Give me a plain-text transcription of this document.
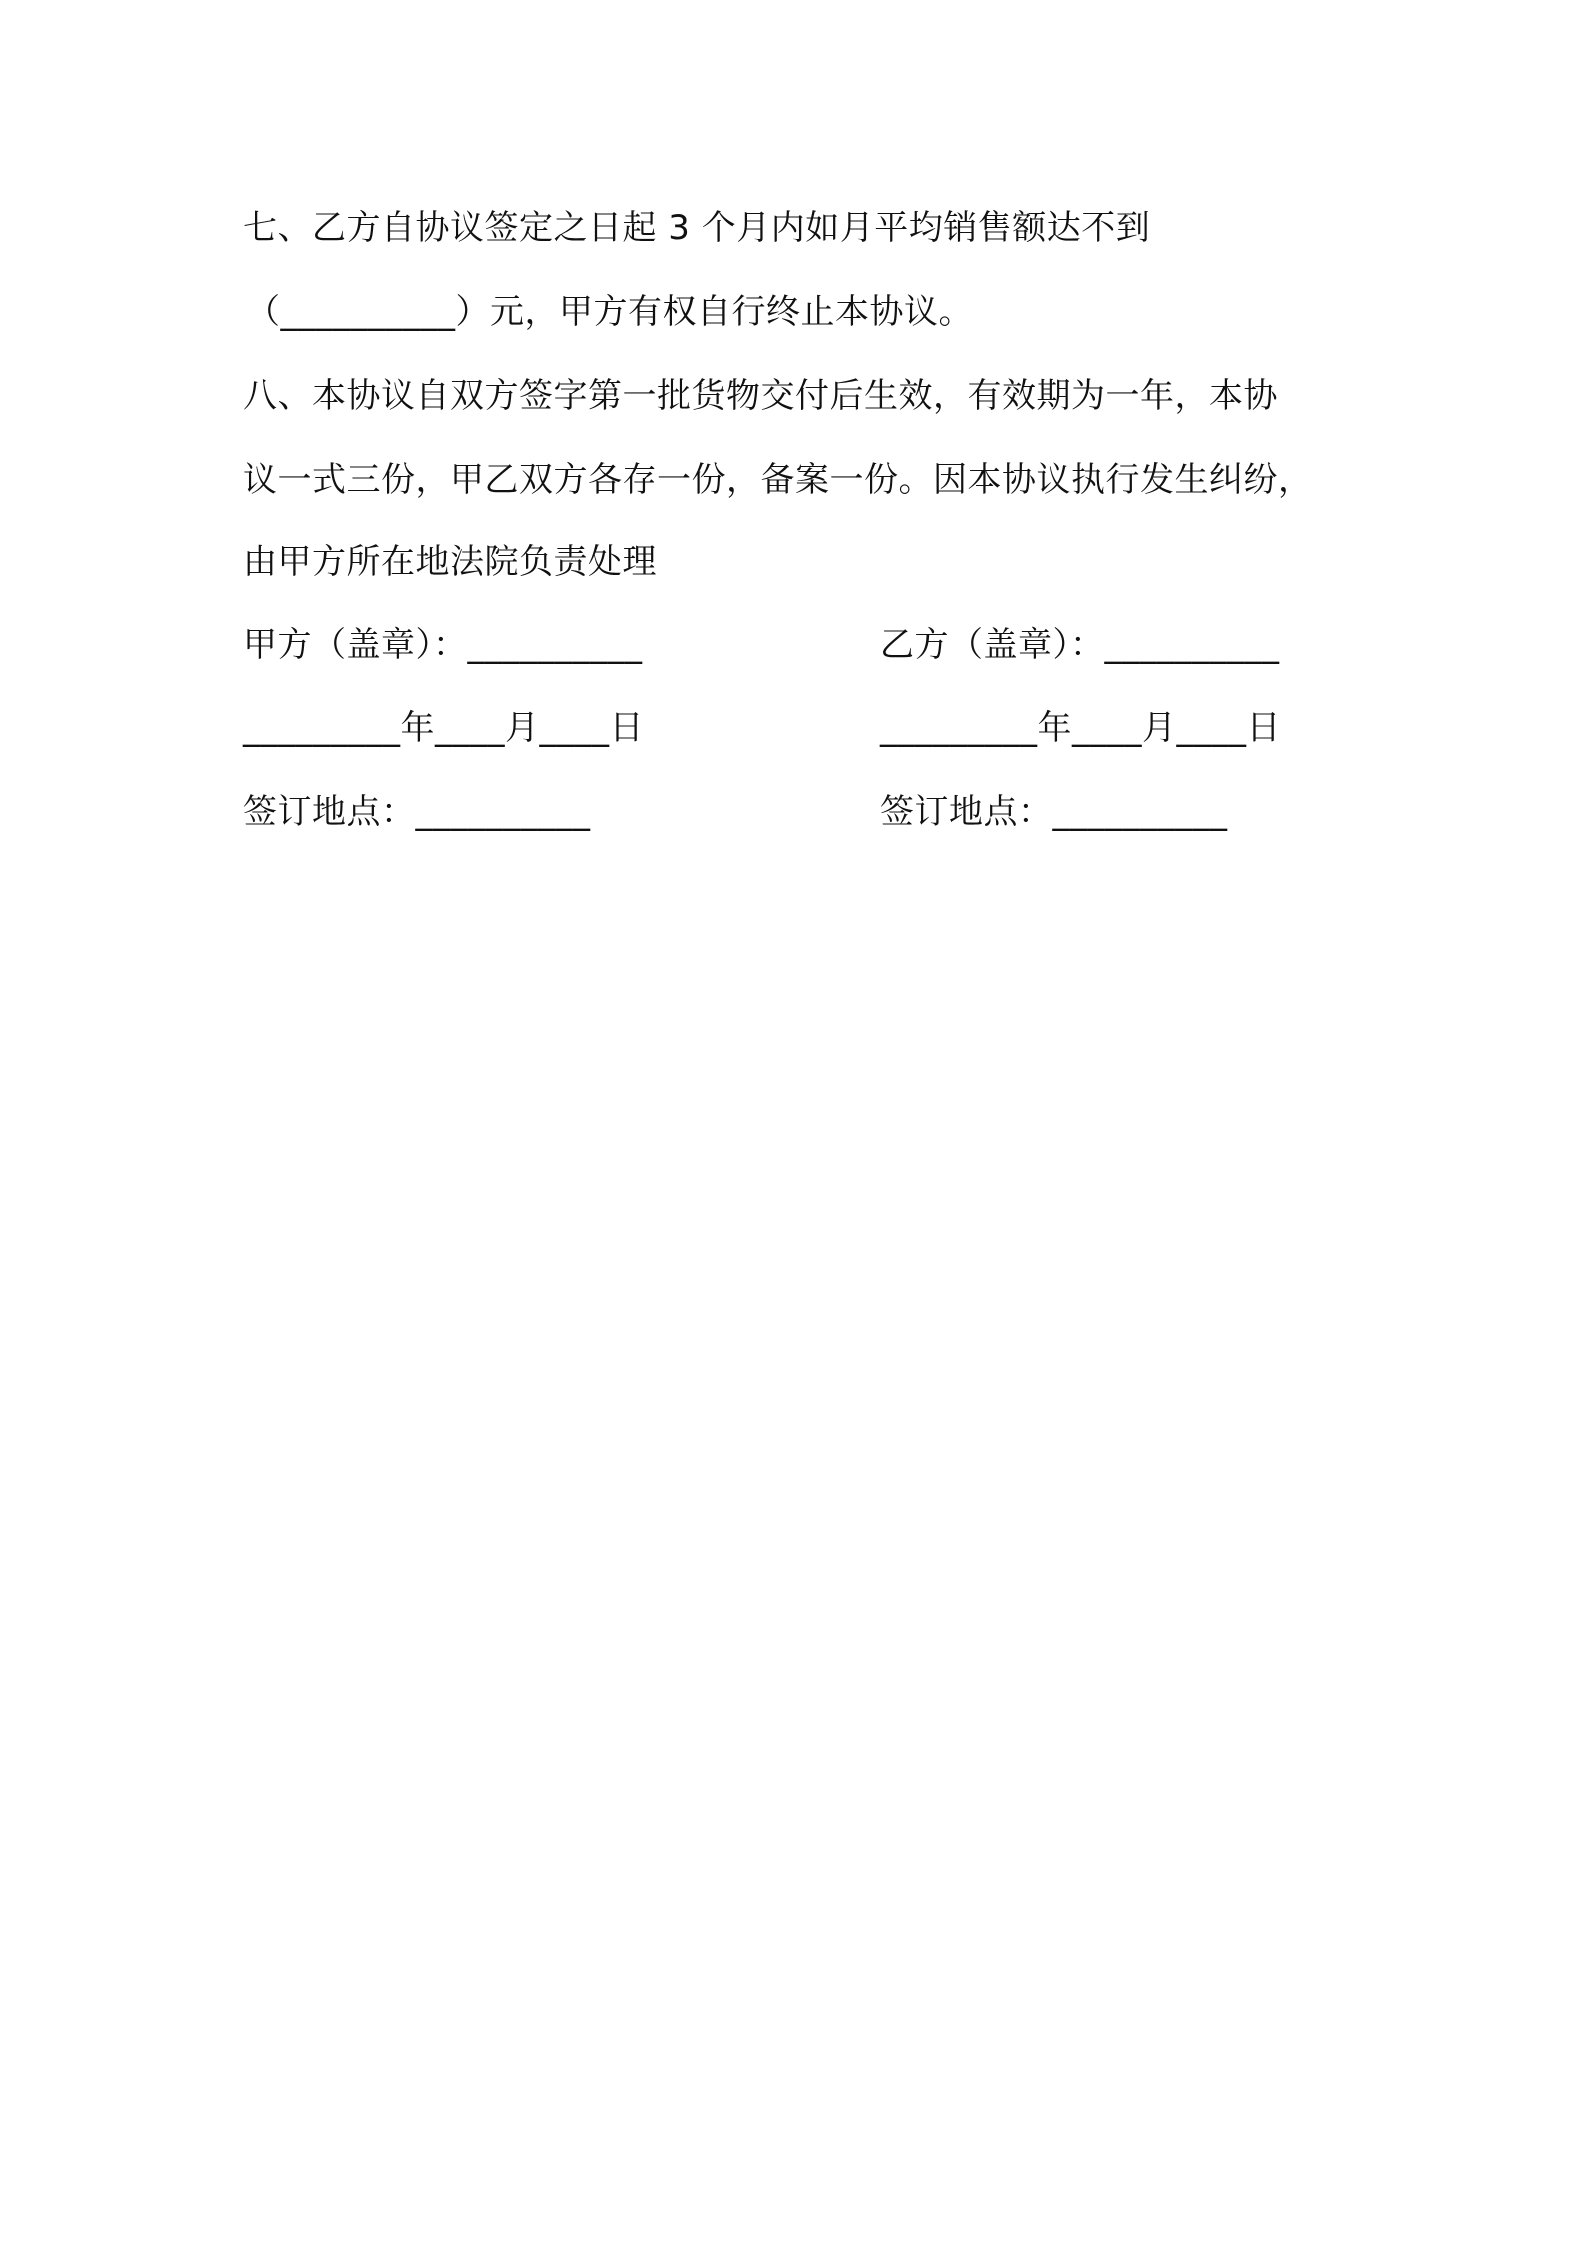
七、乙方自协议签定之日起 3 个月内如月平均销售额达不到
（__________）元，甲方有权自行终止本协议。
八、本协议自双方签字第一批货物交付后生效，有效期为一年，本协
议一式三份，甲乙双方各存一份，备案一份。因本协议执行发生纠纷，
由甲方所在地法院负责处理
甲方（盖章）：__________	乙方（盖章）：__________
_________年____月____日	_________年____月____日
签订地点：__________	签订地点：__________
